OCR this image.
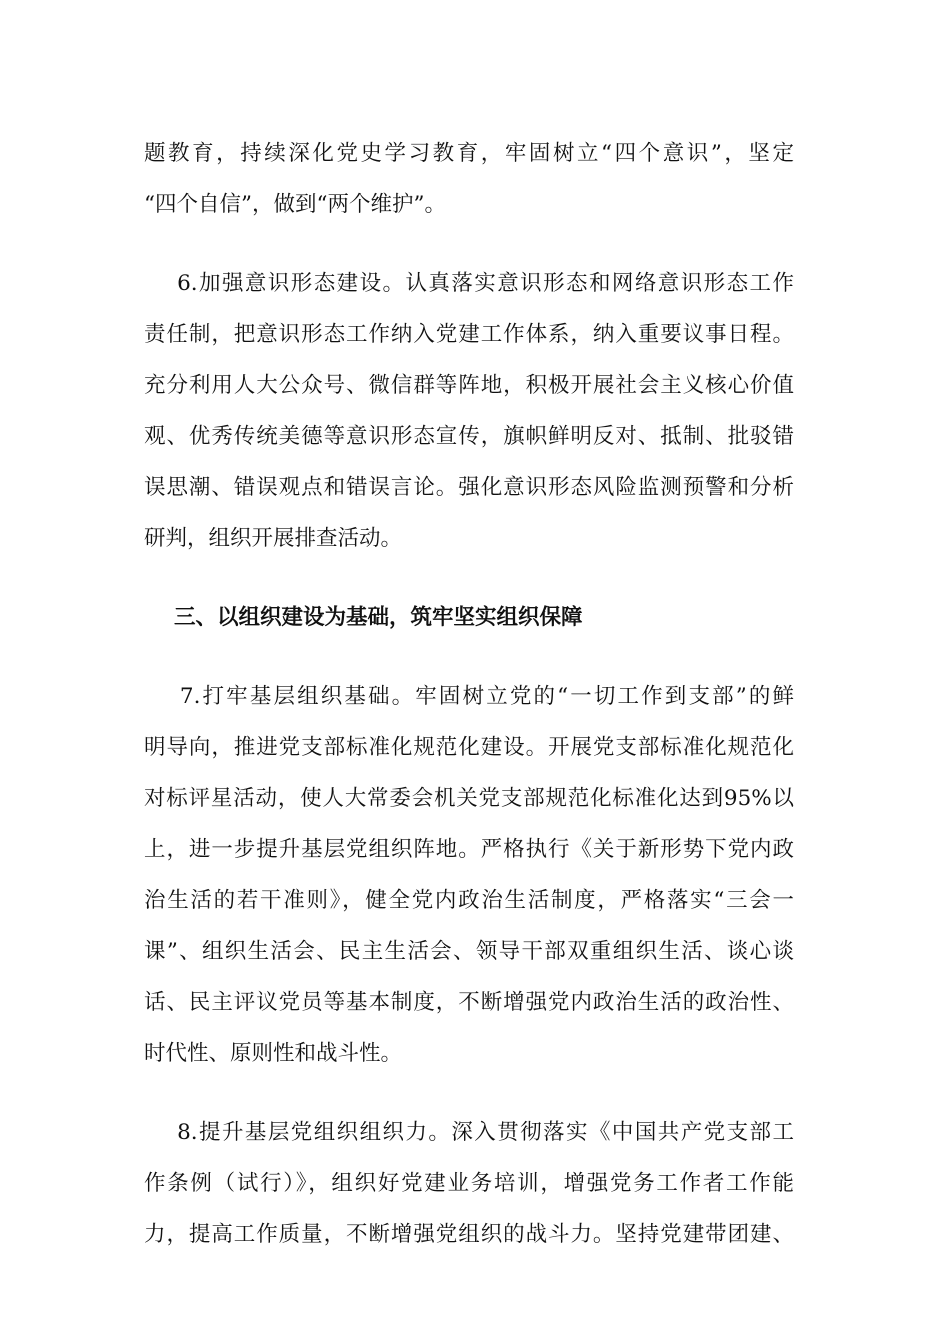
题教育，持续深化党史学习教育，牢固树立“四个意识”，坚定
“四个自信”，做到“两个维护”。
6.加强意识形态建设。认真落实意识形态和网络意识形态工作
责任制，把意识形态工作纳入党建工作体系，纳入重要议事日程。
充分利用人大公众号、微信群等阵地，积极开展社会主义核心价值
观、优秀传统美德等意识形态宣传，旗帜鲜明反对、抵制、批驳错
误思潮、错误观点和错误言论。强化意识形态风险监测预警和分析
研判，组织开展排查活动。
三、以组织建设为基础，筑牢坚实组织保障
7.打牢基层组织基础。牢固树立党的“一切工作到支部”的鲜
明导向，推进党支部标准化规范化建设。开展党支部标准化规范化
对标评星活动，使人大常委会机关党支部规范化标准化达到95%以
上，进一步提升基层党组织阵地。严格执行《关于新形势下党内政
治生活的若干准则》，健全党内政治生活制度，严格落实“三会一
课”、组织生活会、民主生活会、领导干部双重组织生活、谈心谈
话、民主评议党员等基本制度，不断增强党内政治生活的政治性、
时代性、原则性和战斗性。
8.提升基层党组织组织力。深入贯彻落实《中国共产党支部工
作条例（试行）》，组织好党建业务培训，增强党务工作者工作能
力，提高工作质量，不断增强党组织的战斗力。坚持党建带团建、
